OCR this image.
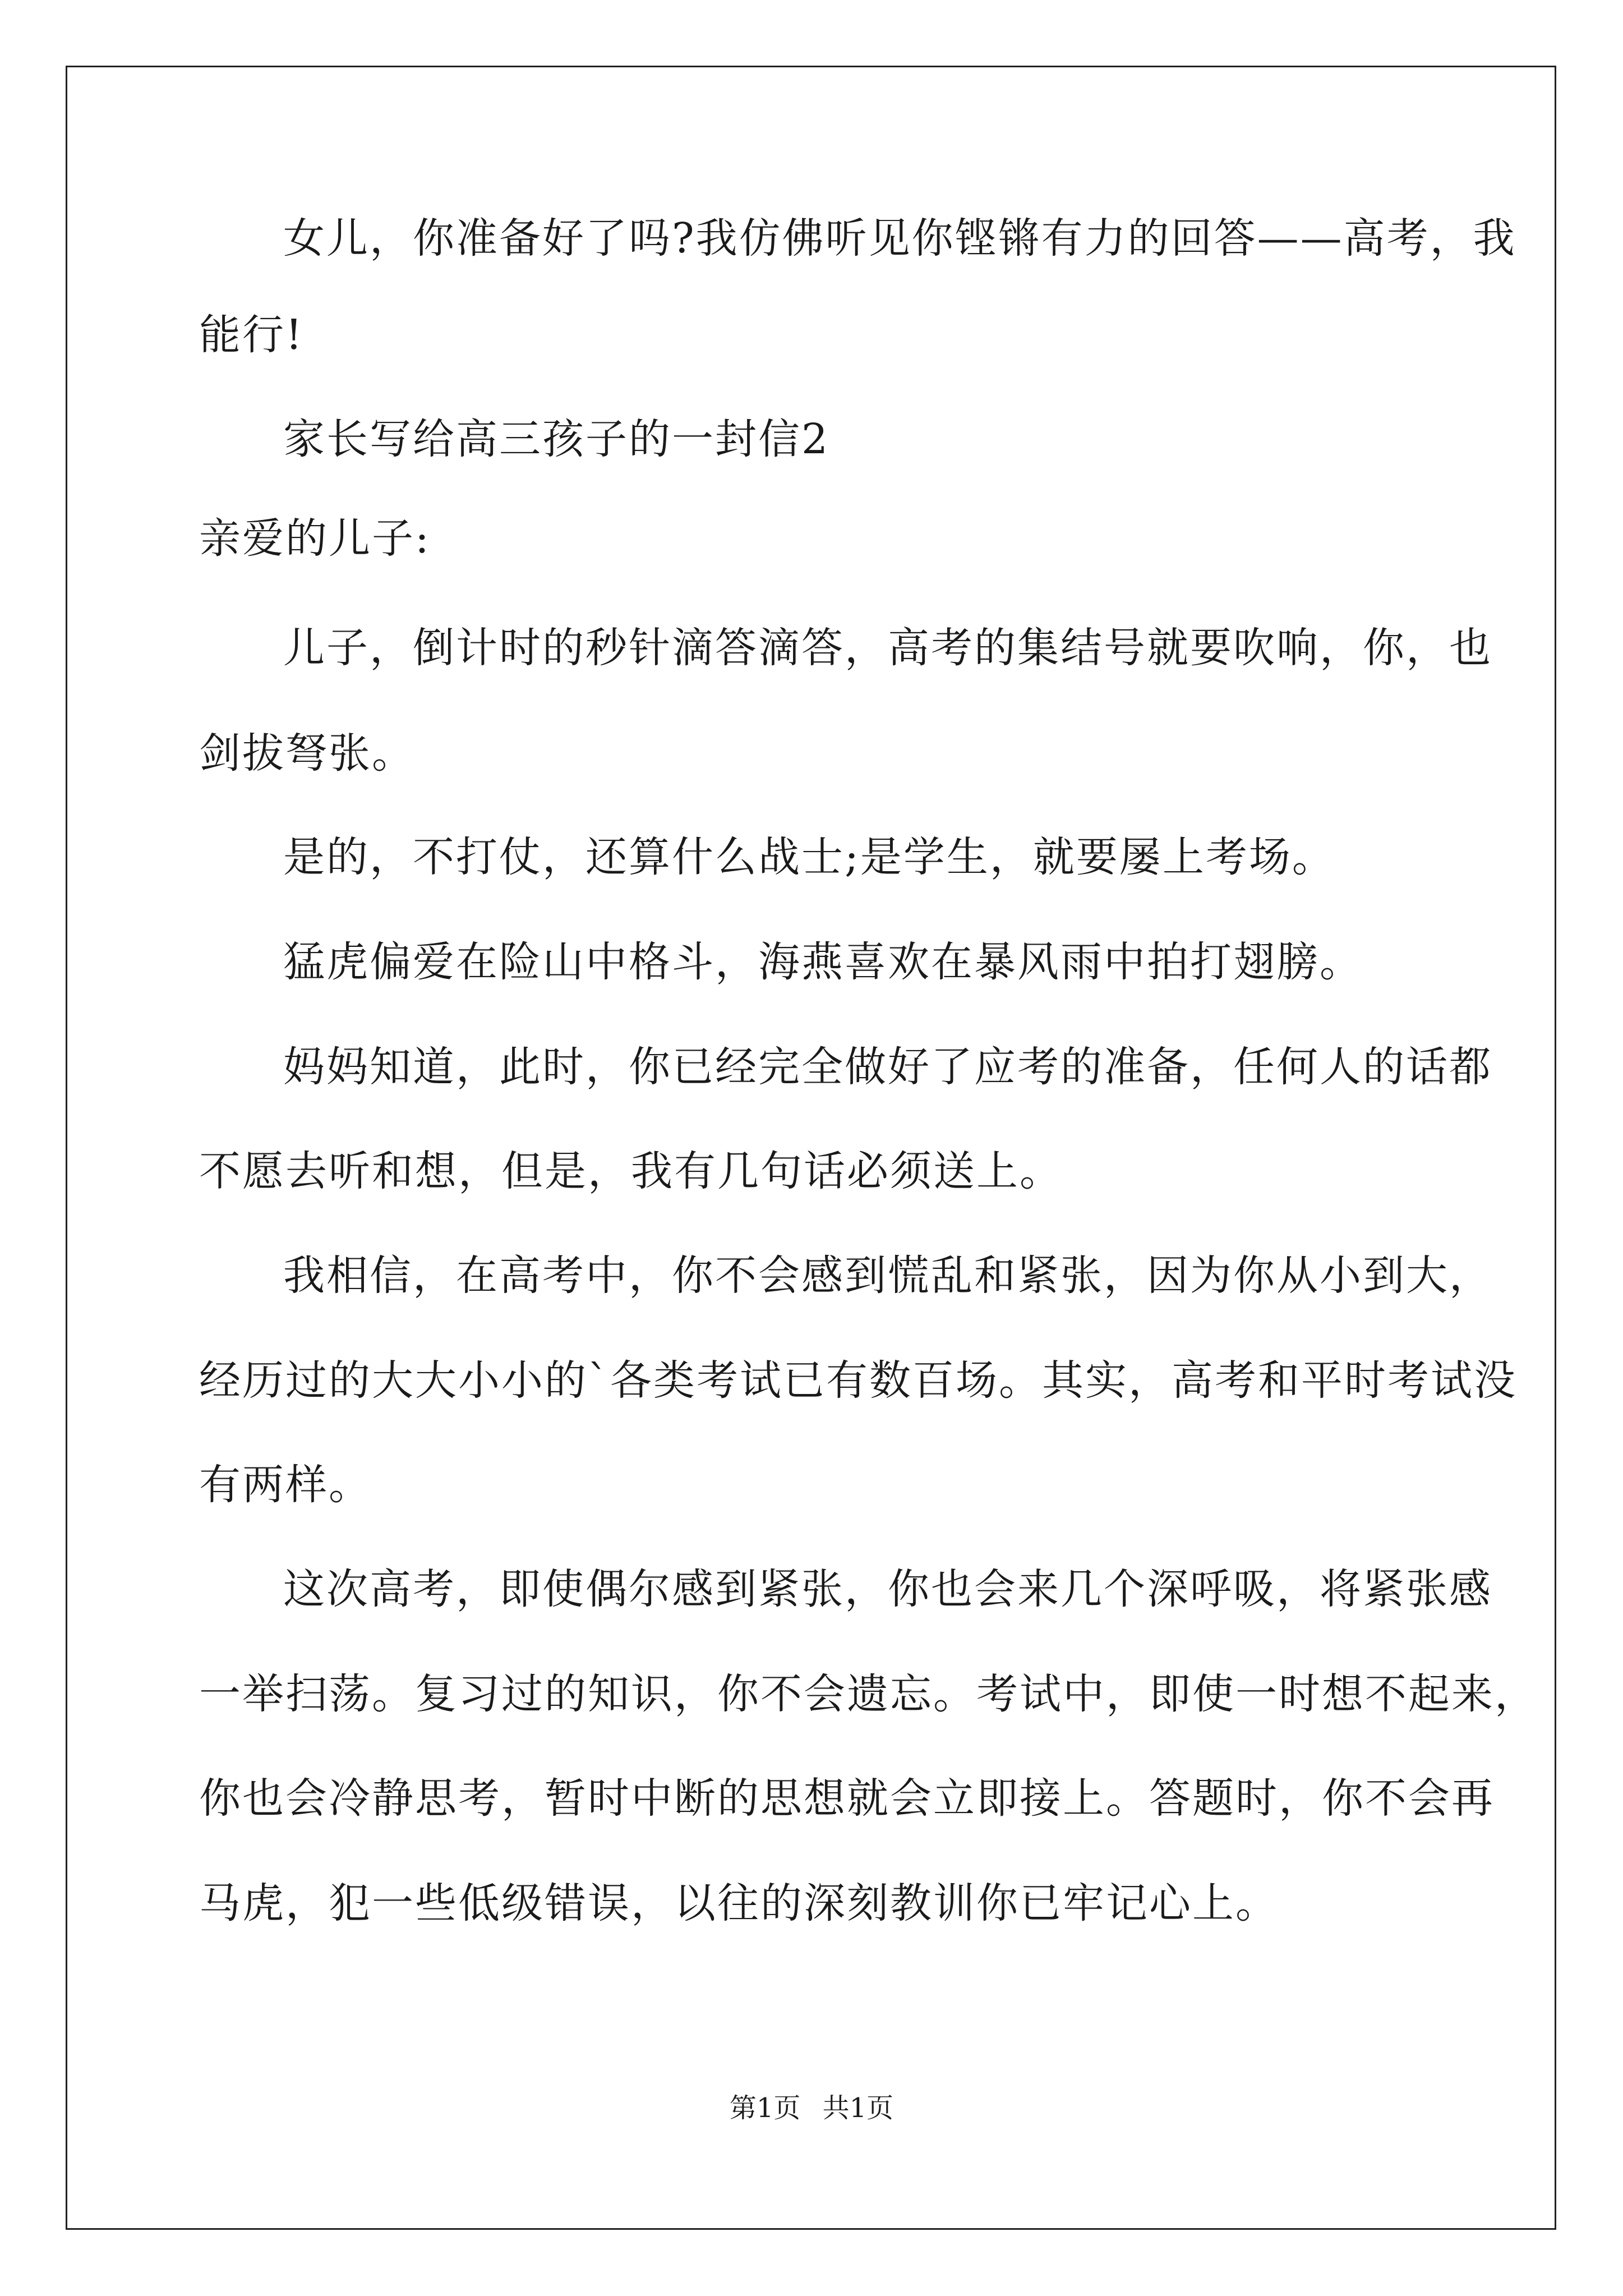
女儿，你准备好了吗?我仿佛听见你铿锵有力的回答——高考，我
能行!
家长写给高三孩子的一封信2
亲爱的儿子:
儿子，倒计时的秒针滴答滴答，高考的集结号就要吹响，你，也
剑拔弩张。
是的，不打仗，还算什么战士;是学生，就要屡上考场。
猛虎偏爱在险山中格斗，海燕喜欢在暴风雨中拍打翅膀。
妈妈知道，此时，你已经完全做好了应考的准备，任何人的话都
不愿去听和想，但是，我有几句话必须送上。
我相信，在高考中，你不会感到慌乱和紧张，因为你从小到大，
经历过的大大小小的`各类考试已有数百场。其实，高考和平时考试没
有两样。
这次高考，即使偶尔感到紧张，你也会来几个深呼吸，将紧张感
一举扫荡。复习过的知识，你不会遗忘。考试中，即使一时想不起来，
你也会冷静思考，暂时中断的思想就会立即接上。答题时，你不会再
马虎，犯一些低级错误，以往的深刻教训你已牢记心上。
第1页 共1页
